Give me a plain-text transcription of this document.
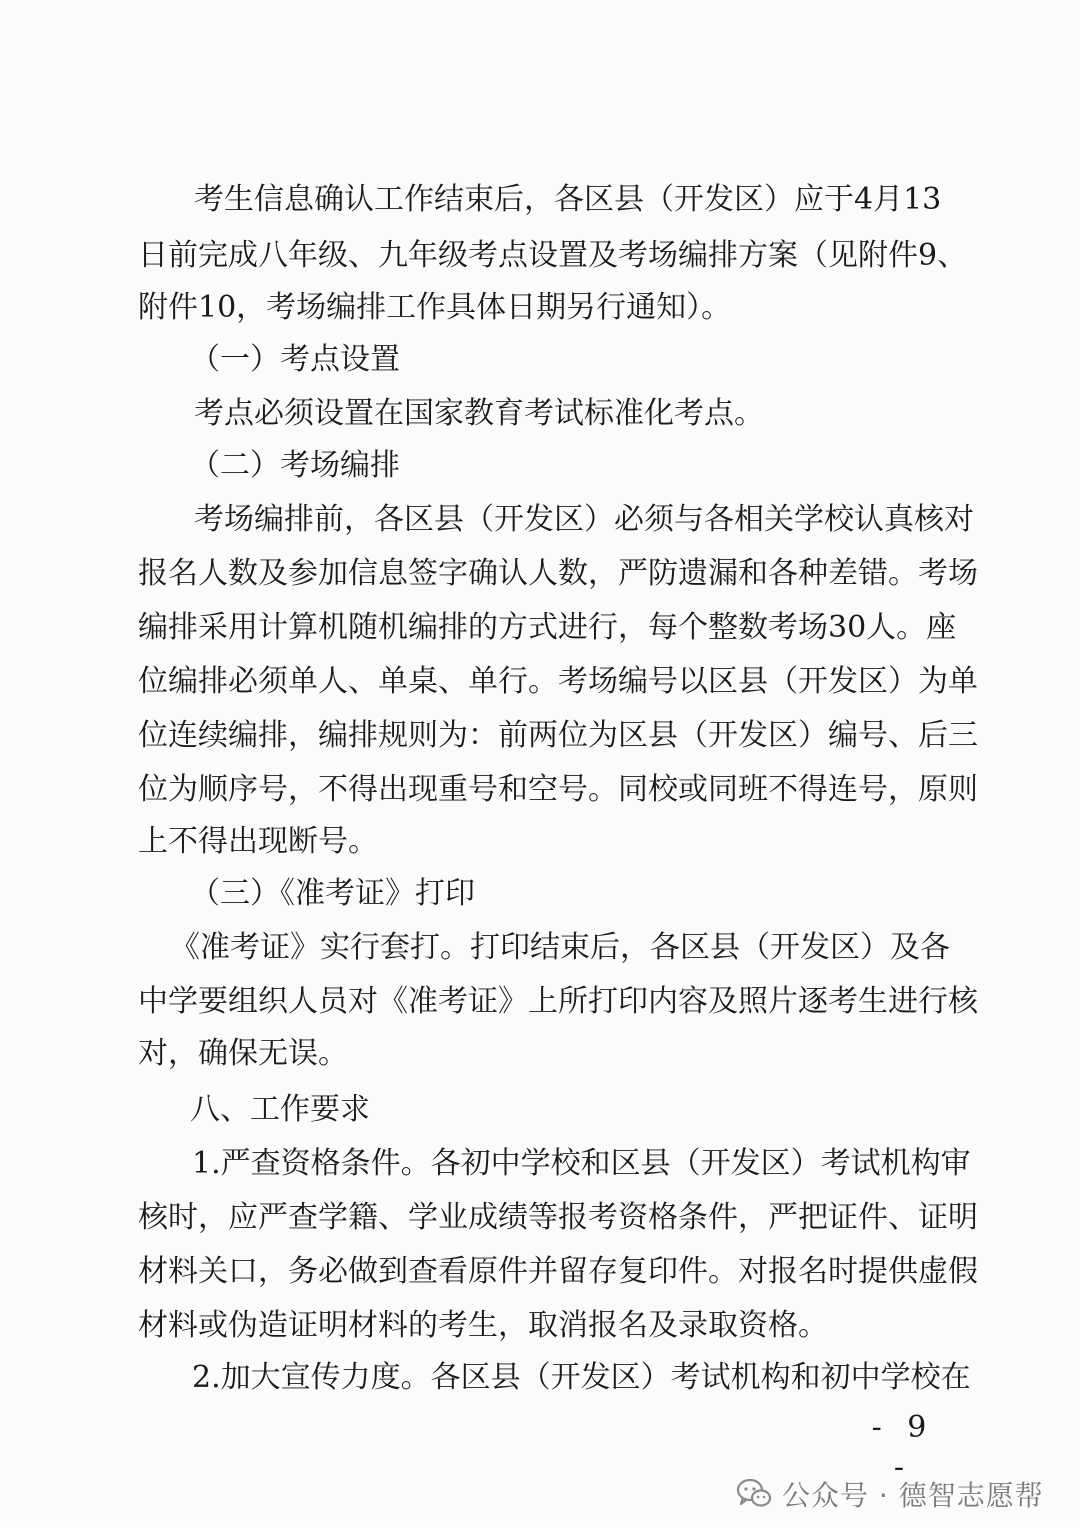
考生信息确认工作结束后，各区县（开发区）应于4月13
日前完成八年级、九年级考点设置及考场编排方案（见附件9、
附件10，考场编排工作具体日期另行通知）。
（一）考点设置
考点必须设置在国家教育考试标准化考点。
（二）考场编排
考场编排前，各区县（开发区）必须与各相关学校认真核对
报名人数及参加信息签字确认人数，严防遗漏和各种差错。考场
编排采用计算机随机编排的方式进行，每个整数考场30人。座
位编排必须单人、单桌、单行。考场编号以区县（开发区）为单
位连续编排，编排规则为：前两位为区县（开发区）编号、后三
位为顺序号，不得出现重号和空号。同校或同班不得连号，原则
上不得出现断号。
（三）《准考证》打印
《准考证》实行套打。打印结束后，各区县（开发区）及各
中学要组织人员对《准考证》上所打印内容及照片逐考生进行核
对，确保无误。
八、工作要求
1.严查资格条件。各初中学校和区县（开发区）考试机构审
核时，应严查学籍、学业成绩等报考资格条件，严把证件、证明
材料关口，务必做到查看原件并留存复印件。对报名时提供虚假
材料或伪造证明材料的考生，取消报名及录取资格。
2.加大宣传力度。各区县（开发区）考试机构和初中学校在
- 9 -
公众号 · 德智志愿帮
